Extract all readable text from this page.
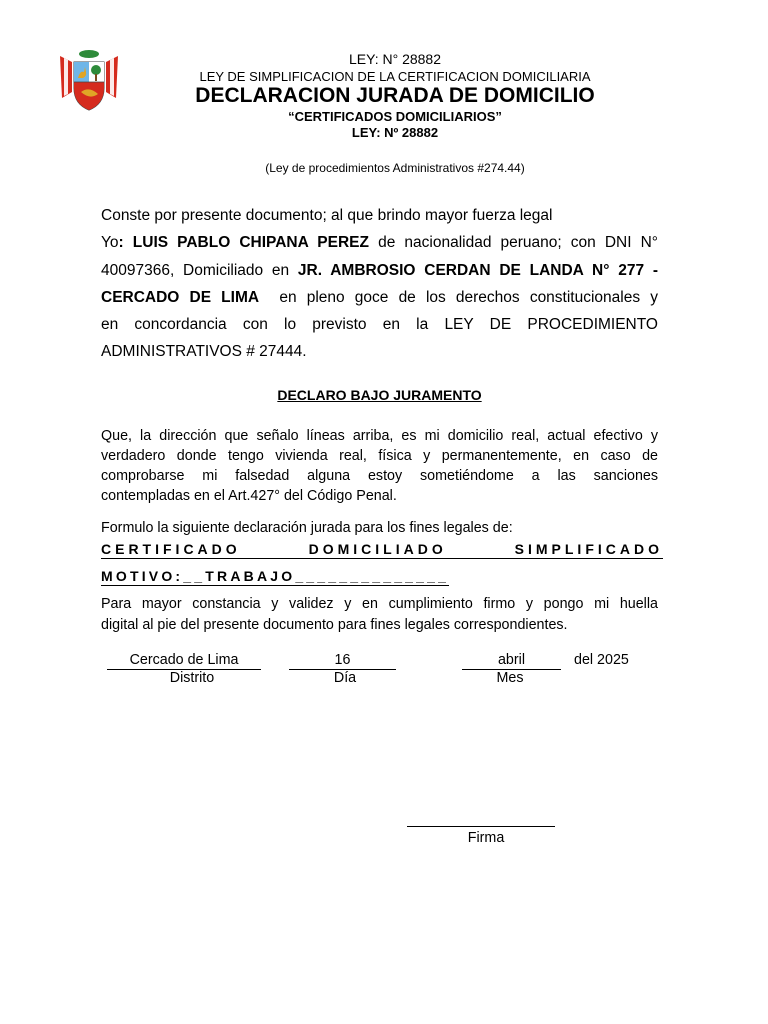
LEY: N° 28882
LEY DE SIMPLIFICACION DE LA CERTIFICACION DOMICILIARIA
DECLARACION JURADA DE DOMICILIO
“CERTIFICADOS DOMICILIARIOS”
LEY: Nº 28882
(Ley de procedimientos Administrativos #274.44)
Conste por presente documento; al que brindo mayor fuerza legal
Yo: LUIS PABLO CHIPANA PEREZ de nacionalidad peruano; con DNI N°
40097366, Domiciliado en JR. AMBROSIO CERDAN DE LANDA N° 277 -
CERCADO DE LIMA en pleno goce de los derechos constitucionales y
en concordancia con lo previsto en la LEY DE PROCEDIMIENTO
ADMINISTRATIVOS # 27444.
DECLARO BAJO JURAMENTO
Que, la dirección que señalo líneas arriba, es mi domicilio real, actual efectivo y
verdadero donde tengo vivienda real, física y permanentemente, en caso de
comprobarse mi falsedad alguna estoy sometiéndome a las sanciones
contempladas en el Art.427° del Código Penal.
Formulo la siguiente declaración jurada para los fines legales de:
CERTIFICADO DOMICILIADO SIMPLIFICADO
MOTIVO:__TRABAJO______________
Para mayor constancia y validez y en cumplimiento firmo y pongo mi huella
digital al pie del presente documento para fines legales correspondientes.
Cercado de Lima	16	abril	del 2025
Distrito	Día	Mes
Firma
